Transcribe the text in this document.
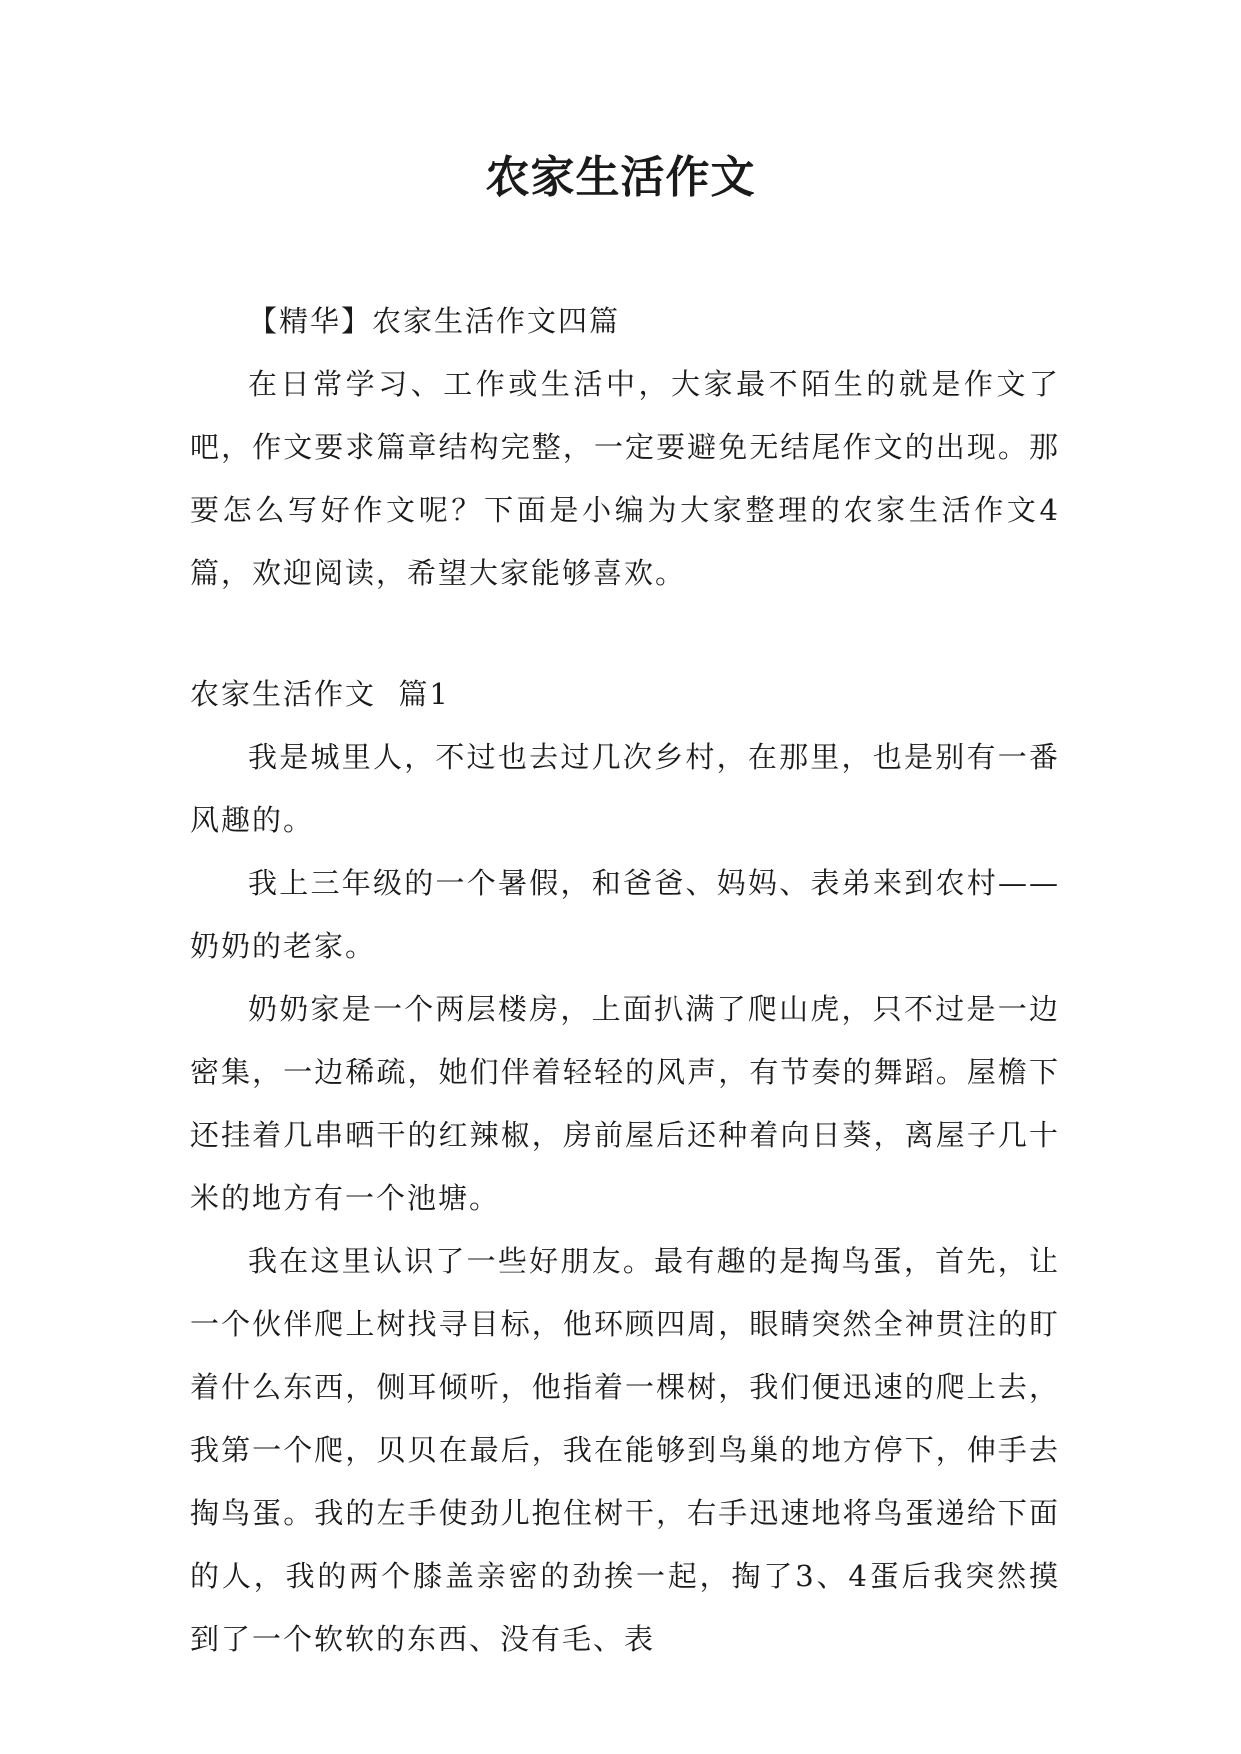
农家生活作文

【精华】农家生活作文四篇

在日常学习、工作或生活中，大家最不陌生的就是作文了吧，作文要求篇章结构完整，一定要避免无结尾作文的出现。那要怎么写好作文呢？下面是小编为大家整理的农家生活作文4篇，欢迎阅读，希望大家能够喜欢。

农家生活作文  篇1

我是城里人，不过也去过几次乡村，在那里，也是别有一番风趣的。

我上三年级的一个暑假，和爸爸、妈妈、表弟来到农村——奶奶的老家。

奶奶家是一个两层楼房，上面扒满了爬山虎，只不过是一边密集，一边稀疏，她们伴着轻轻的风声，有节奏的舞蹈。屋檐下还挂着几串晒干的红辣椒，房前屋后还种着向日葵，离屋子几十米的地方有一个池塘。

我在这里认识了一些好朋友。最有趣的是掏鸟蛋，首先，让一个伙伴爬上树找寻目标，他环顾四周，眼睛突然全神贯注的盯着什么东西，侧耳倾听，他指着一棵树，我们便迅速的爬上去，我第一个爬，贝贝在最后，我在能够到鸟巢的地方停下，伸手去掏鸟蛋。我的左手使劲儿抱住树干，右手迅速地将鸟蛋递给下面的人，我的两个膝盖亲密的劲挨一起，掏了3、4蛋后我突然摸到了一个软软的东西、没有毛、表
